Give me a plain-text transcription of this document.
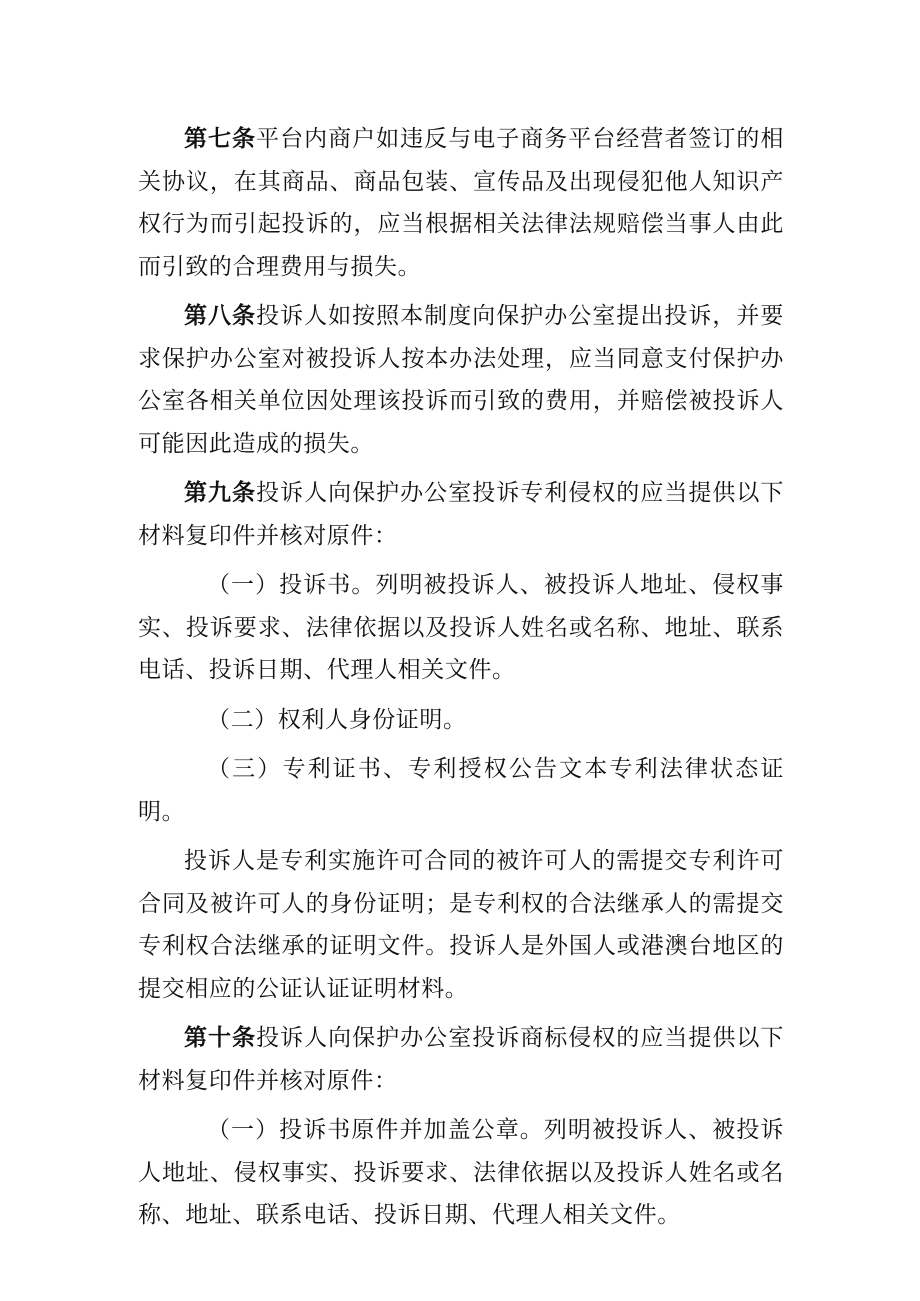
第七条平台内商户如违反与电子商务平台经营者签订的相关协议，在其商品、商品包装、宣传品及出现侵犯他人知识产权行为而引起投诉的，应当根据相关法律法规赔偿当事人由此而引致的合理费用与损失。

第八条投诉人如按照本制度向保护办公室提出投诉，并要求保护办公室对被投诉人按本办法处理，应当同意支付保护办公室各相关单位因处理该投诉而引致的费用，并赔偿被投诉人可能因此造成的损失。

第九条投诉人向保护办公室投诉专利侵权的应当提供以下材料复印件并核对原件：

（一）投诉书。列明被投诉人、被投诉人地址、侵权事实、投诉要求、法律依据以及投诉人姓名或名称、地址、联系电话、投诉日期、代理人相关文件。

（二）权利人身份证明。

（三）专利证书、专利授权公告文本专利法律状态证明。

投诉人是专利实施许可合同的被许可人的需提交专利许可合同及被许可人的身份证明；是专利权的合法继承人的需提交专利权合法继承的证明文件。投诉人是外国人或港澳台地区的提交相应的公证认证证明材料。

第十条投诉人向保护办公室投诉商标侵权的应当提供以下材料复印件并核对原件：

（一）投诉书原件并加盖公章。列明被投诉人、被投诉人地址、侵权事实、投诉要求、法律依据以及投诉人姓名或名称、地址、联系电话、投诉日期、代理人相关文件。
